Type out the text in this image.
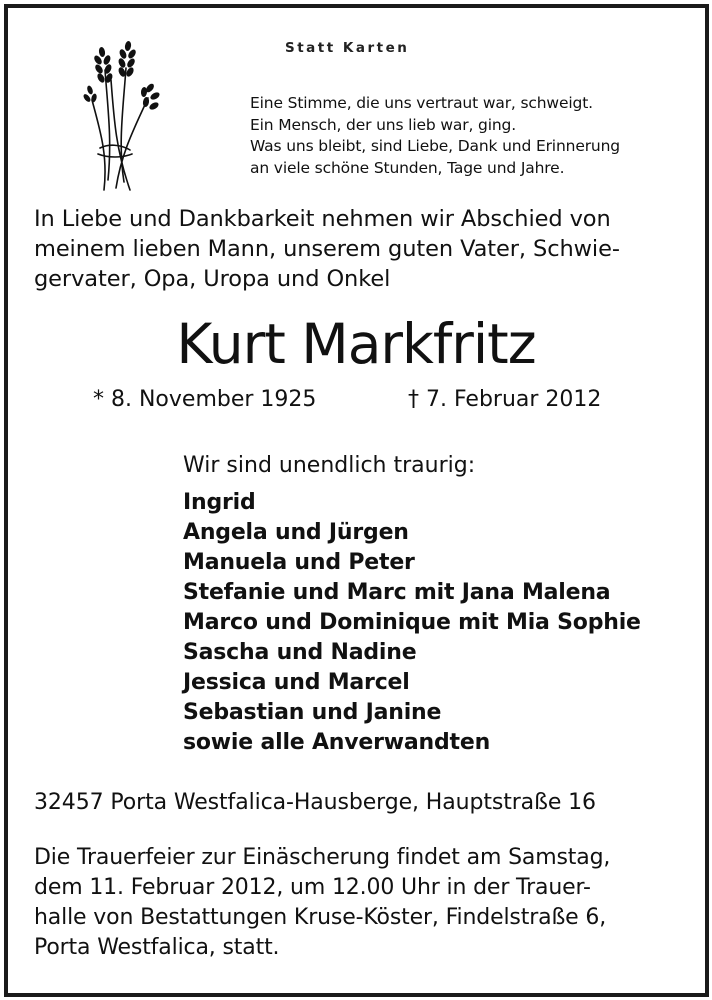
Statt Karten
Eine Stimme, die uns vertraut war, schweigt.
Ein Mensch, der uns lieb war, ging.
Was uns bleibt, sind Liebe, Dank und Erinnerung
an viele schöne Stunden, Tage und Jahre.
In Liebe und Dankbarkeit nehmen wir Abschied von
meinem lieben Mann, unserem guten Vater, Schwie-
gervater, Opa, Uropa und Onkel
Kurt Markfritz
* 8. November 1925	† 7. Februar 2012
Wir sind unendlich traurig:
Ingrid
Angela und Jürgen
Manuela und Peter
Stefanie und Marc mit Jana Malena
Marco und Dominique mit Mia Sophie
Sascha und Nadine
Jessica und Marcel
Sebastian und Janine
sowie alle Anverwandten
32457 Porta Westfalica-Hausberge, Hauptstraße 16
Die Trauerfeier zur Einäscherung findet am Samstag,
dem 11. Februar 2012, um 12.00 Uhr in der Trauer-
halle von Bestattungen Kruse-Köster, Findelstraße 6,
Porta Westfalica, statt.
